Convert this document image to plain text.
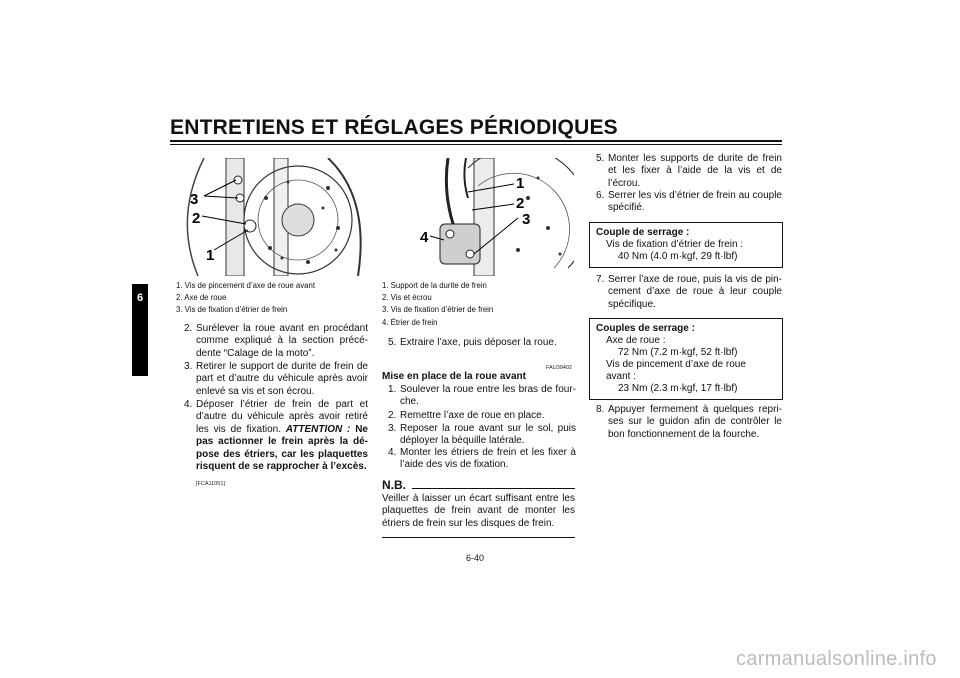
ENTRETIENS ET RÉGLAGES PÉRIODIQUES
6
3
2
1
1. Vis de pincement d’axe de roue avant
2. Axe de roue
3. Vis de fixation d’étrier de frein
2. Surélever la roue avant en procédant comme expliqué à la section précé-dente “Calage de la moto”.
3. Retirer le support de durite de frein de part et d’autre du véhicule après avoir enlevé sa vis et son écrou.
4. Déposer l’étrier de frein de part et d’autre du véhicule après avoir retiré les vis de fixation. ATTENTION : Ne pas actionner le frein après la dé-pose des étriers, car les plaquettes risquent de se rapprocher à l’excès.
[FCA11051]
1
2
3
4
1. Support de la durite de frein
2. Vis et écrou
3. Vis de fixation d’étrier de frein
4. Étrier de frein
5. Extraire l’axe, puis déposer la roue.
FAU39402
Mise en place de la roue avant
1. Soulever la roue entre les bras de four-che.
2. Remettre l’axe de roue en place.
3. Reposer la roue avant sur le sol, puis déployer la béquille latérale.
4. Monter les étriers de frein et les fixer à l’aide des vis de fixation.
N.B.
Veiller à laisser un écart suffisant entre les plaquettes de frein avant de monter les étriers de frein sur les disques de frein.
5. Monter les supports de durite de frein et les fixer à l’aide de la vis et de l’écrou.
6. Serrer les vis d’étrier de frein au couple spécifié.
Couple de serrage :
Vis de fixation d’étrier de frein :
40 Nm (4.0 m·kgf, 29 ft·lbf)
7. Serrer l’axe de roue, puis la vis de pin-cement d’axe de roue à leur couple spécifique.
Couples de serrage :
Axe de roue :
72 Nm (7.2 m·kgf, 52 ft·lbf)
Vis de pincement d’axe de roue
avant :
23 Nm (2.3 m·kgf, 17 ft·lbf)
8. Appuyer fermement à quelques repri-ses sur le guidon afin de contrôler le bon fonctionnement de la fourche.
6-40
carmanualsonline.info
